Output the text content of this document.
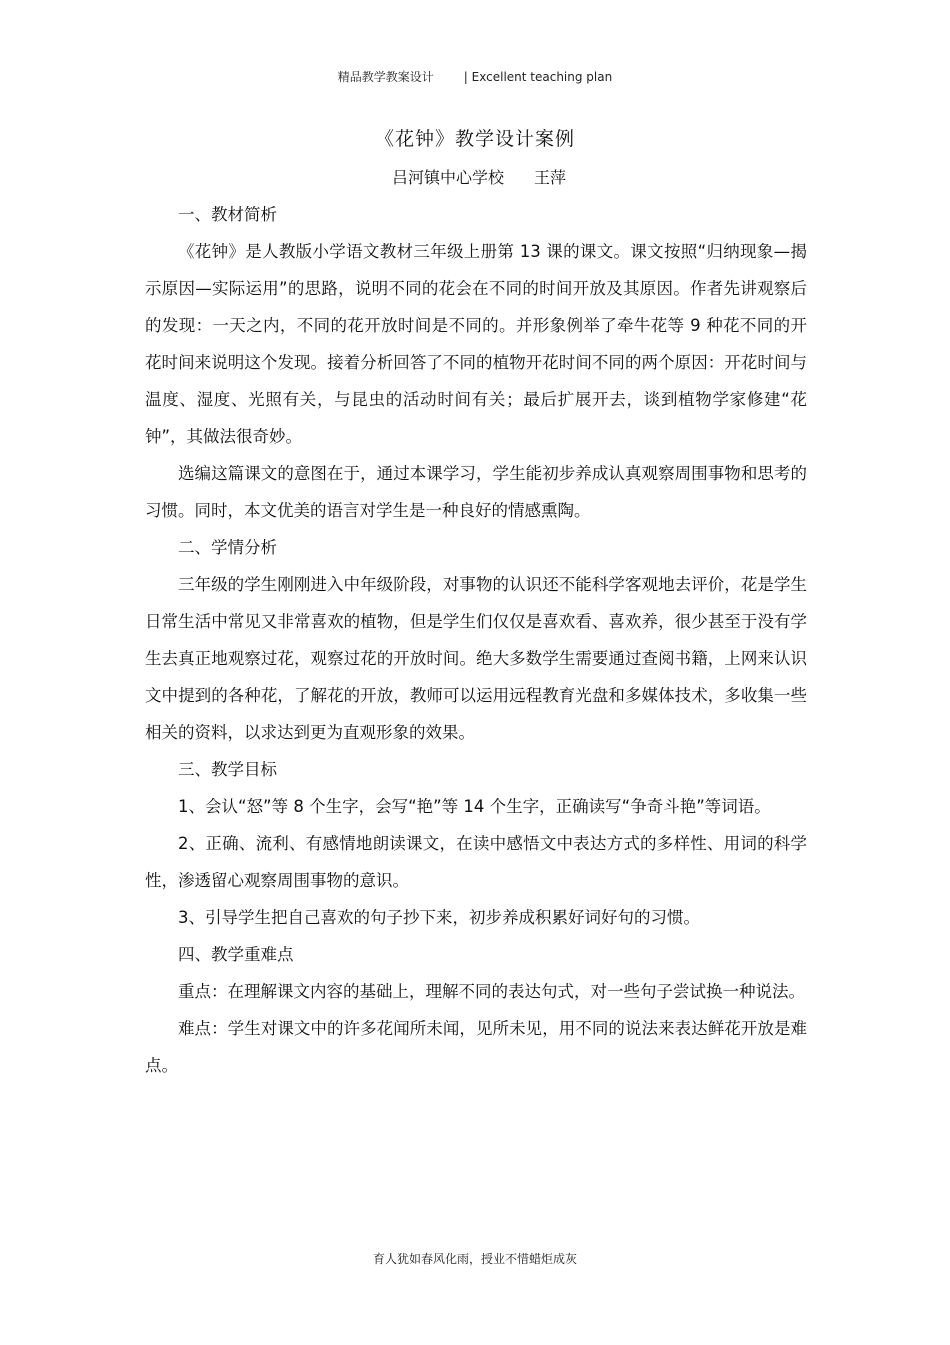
精品教学教案设计	| Excellent teaching plan
《花钟》教学设计案例
吕河镇中心学校 王萍

一、教材简析

《花钟》是人教版小学语文教材三年级上册第 13 课的课文。课文按照“归纳现象—揭示原因—实际运用”的思路，说明不同的花会在不同的时间开放及其原因。作者先讲观察后的发现：一天之内，不同的花开放时间是不同的。并形象例举了牵牛花等 9 种花不同的开花时间来说明这个发现。接着分析回答了不同的植物开花时间不同的两个原因：开花时间与温度、湿度、光照有关，与昆虫的活动时间有关；最后扩展开去，谈到植物学家修建“花钟”，其做法很奇妙。

选编这篇课文的意图在于，通过本课学习，学生能初步养成认真观察周围事物和思考的习惯。同时，本文优美的语言对学生是一种良好的情感熏陶。

二、学情分析

三年级的学生刚刚进入中年级阶段，对事物的认识还不能科学客观地去评价，花是学生日常生活中常见又非常喜欢的植物，但是学生们仅仅是喜欢看、喜欢养，很少甚至于没有学生去真正地观察过花，观察过花的开放时间。绝大多数学生需要通过查阅书籍，上网来认识文中提到的各种花，了解花的开放，教师可以运用远程教育光盘和多媒体技术，多收集一些相关的资料，以求达到更为直观形象的效果。

三、教学目标

1、会认“怒”等 8 个生字，会写“艳”等 14 个生字，正确读写“争奇斗艳”等词语。

2、正确、流利、有感情地朗读课文，在读中感悟文中表达方式的多样性、用词的科学性，渗透留心观察周围事物的意识。

3、引导学生把自己喜欢的句子抄下来，初步养成积累好词好句的习惯。

四、教学重难点

重点：在理解课文内容的基础上，理解不同的表达句式，对一些句子尝试换一种说法。

难点：学生对课文中的许多花闻所未闻，见所未见，用不同的说法来表达鲜花开放是难点。

育人犹如春风化雨，授业不惜蜡炬成灰
